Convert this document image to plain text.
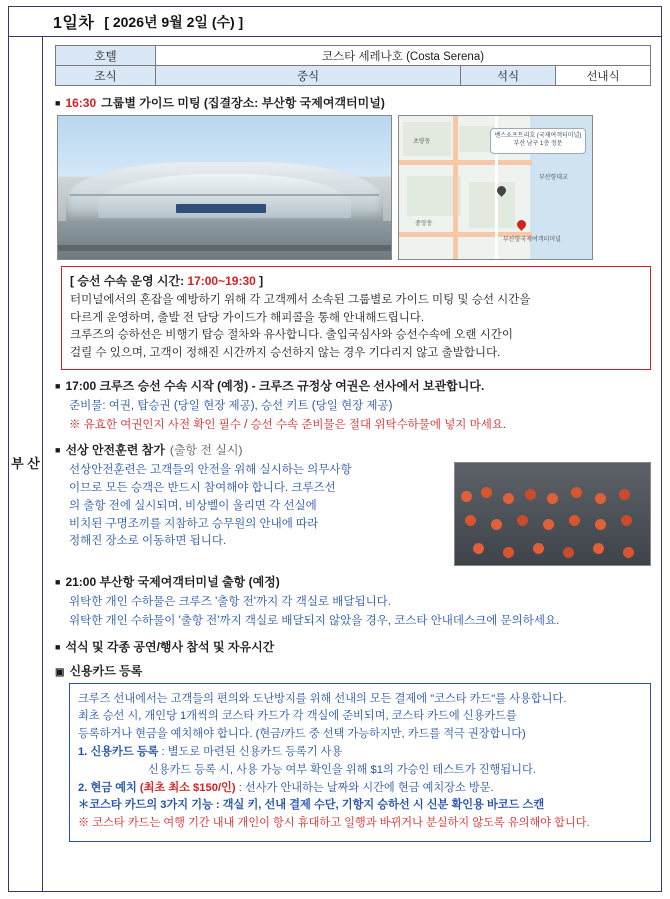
1일차 [ 2026년 9월 2일 (수) ]
부 산
호텔	코스타 세레나호 (Costa Serena)		
조식	중식	석식	선내식
■ 16:30 그룹별 가이드 미팅 (집결장소: 부산항 국제여객터미널)
벤스쇼프트리호 (국제여객터미널) 부산 남구 1층 정문
부산항국제여객터미널
부산항대교
중앙동
초량동
[ 승선 수속 운영 시간: 17:00~19:30 ]

터미널에서의 혼잡을 예방하기 위해 각 고객께서 소속된 그룹별로 가이드 미팅 및 승선 시간을

다르게 운영하며, 출발 전 담당 가이드가 해피콜을 통해 안내해드립니다.

크루즈의 승하선은 비행기 탑승 절차와 유사합니다. 출입국심사와 승선수속에 오랜 시간이

걸릴 수 있으며, 고객이 정해진 시간까지 승선하지 않는 경우 기다리지 않고 출발합니다.

■ 17:00 크루즈 승선 수속 시작 (예정) - 크루즈 규정상 여권은 선사에서 보관합니다.
준비물: 여권, 탑승권 (당일 현장 제공), 승선 키트 (당일 현장 제공)
※ 유효한 여권인지 사전 확인 필수 / 승선 수속 준비물은 절대 위탁수하물에 넣지 마세요.
■ 선상 안전훈련 참가 (출항 전 실시)
선상안전훈련은 고객들의 안전을 위해 실시하는 의무사항
이므로 모든 승객은 반드시 참여해야 합니다. 크루즈선
의 출항 전에 실시되며, 비상벨이 울리면 각 선실에
비치된 구명조끼를 지참하고 승무원의 안내에 따라
정해진 장소로 이동하면 됩니다.
■ 21:00 부산항 국제여객터미널 출항 (예정)
위탁한 개인 수하물은 크루즈 '출항 전'까지 각 객실로 배달됩니다.
위탁한 개인 수하물이 '출항 전'까지 객실로 배달되지 않았을 경우, 코스타 안내데스크에 문의하세요.
■ 석식 및 각종 공연/행사 참석 및 자유시간
▣ 신용카드 등록

크루즈 선내에서는 고객들의 편의와 도난방지를 위해 선내의 모든 결제에 "코스타 카드"를 사용합니다.

최초 승선 시, 개인당 1개씩의 코스타 카드가 각 객실에 준비되며, 코스타 카드에 신용카드를

등록하거나 현금을 예치해야 합니다. (현금/카드 중 선택 가능하지만, 카드를 적극 권장합니다)

1. 신용카드 등록 : 별도로 마련된 신용카드 등록기 사용

신용카드 등록 시, 사용 가능 여부 확인을 위해 $1의 가승인 테스트가 진행됩니다.

2. 현금 예치 (최초 최소 $150/인) : 선사가 안내하는 날짜와 시간에 현금 예치장소 방문.

＊코스타 카드의 3가지 기능 : 객실 키, 선내 결제 수단, 기항지 승하선 시 신분 확인용 바코드 스캔

※ 코스타 카드는 여행 기간 내내 개인이 항시 휴대하고 일행과 바뀌거나 분실하지 않도록 유의해야 합니다.
